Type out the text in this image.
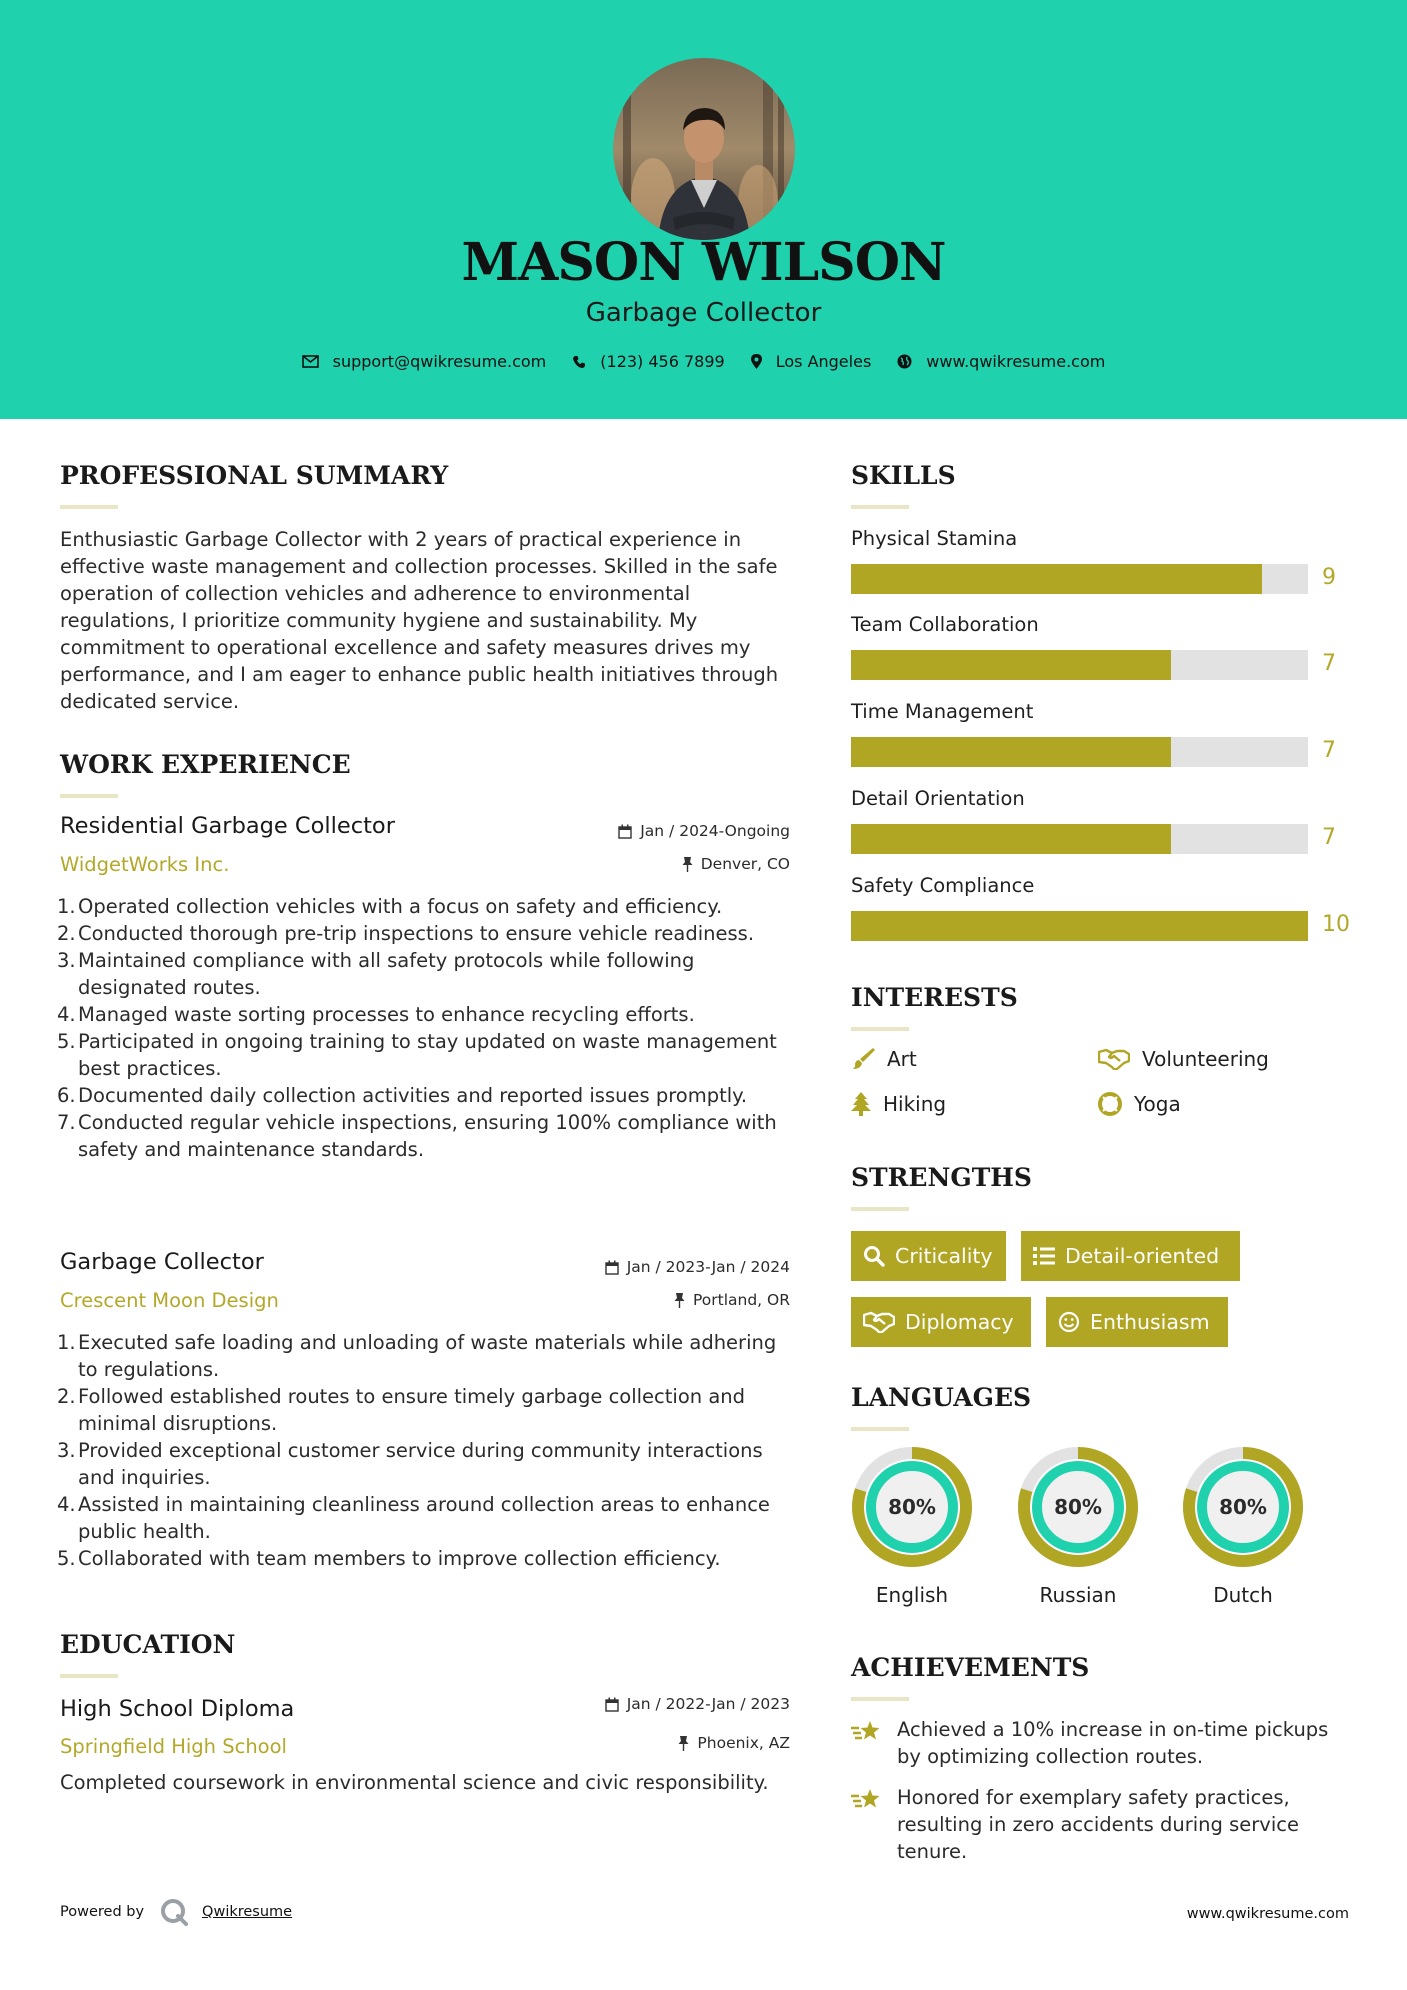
MASON WILSON
Garbage Collector
support@qwikresume.com	(123) 456 7899	Los Angeles	www.qwikresume.com
PROFESSIONAL SUMMARY
Enthusiastic Garbage Collector with 2 years of practical experience in effective waste management and collection processes. Skilled in the safe operation of collection vehicles and adherence to environmental regulations, I prioritize community hygiene and sustainability. My commitment to operational excellence and safety measures drives my performance, and I am eager to enhance public health initiatives through dedicated service.
WORK EXPERIENCE
Residential Garbage Collector
WidgetWorks Inc.
Jan / 2024-Ongoing
Denver, CO
1. Operated collection vehicles with a focus on safety and efficiency.
2. Conducted thorough pre-trip inspections to ensure vehicle readiness.
3. Maintained compliance with all safety protocols while following designated routes.
4. Managed waste sorting processes to enhance recycling efforts.
5. Participated in ongoing training to stay updated on waste management best practices.
6. Documented daily collection activities and reported issues promptly.
7. Conducted regular vehicle inspections, ensuring 100% compliance with safety and maintenance standards.
Garbage Collector
Crescent Moon Design
Jan / 2023-Jan / 2024
Portland, OR
1. Executed safe loading and unloading of waste materials while adhering to regulations.
2. Followed established routes to ensure timely garbage collection and minimal disruptions.
3. Provided exceptional customer service during community interactions and inquiries.
4. Assisted in maintaining cleanliness around collection areas to enhance public health.
5. Collaborated with team members to improve collection efficiency.
EDUCATION
High School Diploma
Springfield High School
Jan / 2022-Jan / 2023
Phoenix, AZ
Completed coursework in environmental science and civic responsibility.
SKILLS
Physical Stamina
9
Team Collaboration
7
Time Management
7
Detail Orientation
7
Safety Compliance
10
INTERESTS
Art	Volunteering
Hiking	Yoga
STRENGTHS
Criticality	Detail-oriented
Diplomacy	Enthusiasm
LANGUAGES
80%
English
80%
Russian
80%
Dutch
ACHIEVEMENTS
Achieved a 10% increase in on-time pickups by optimizing collection routes.
Honored for exemplary safety practices, resulting in zero accidents during service tenure.
Powered by	Qwikresume	www.qwikresume.com
